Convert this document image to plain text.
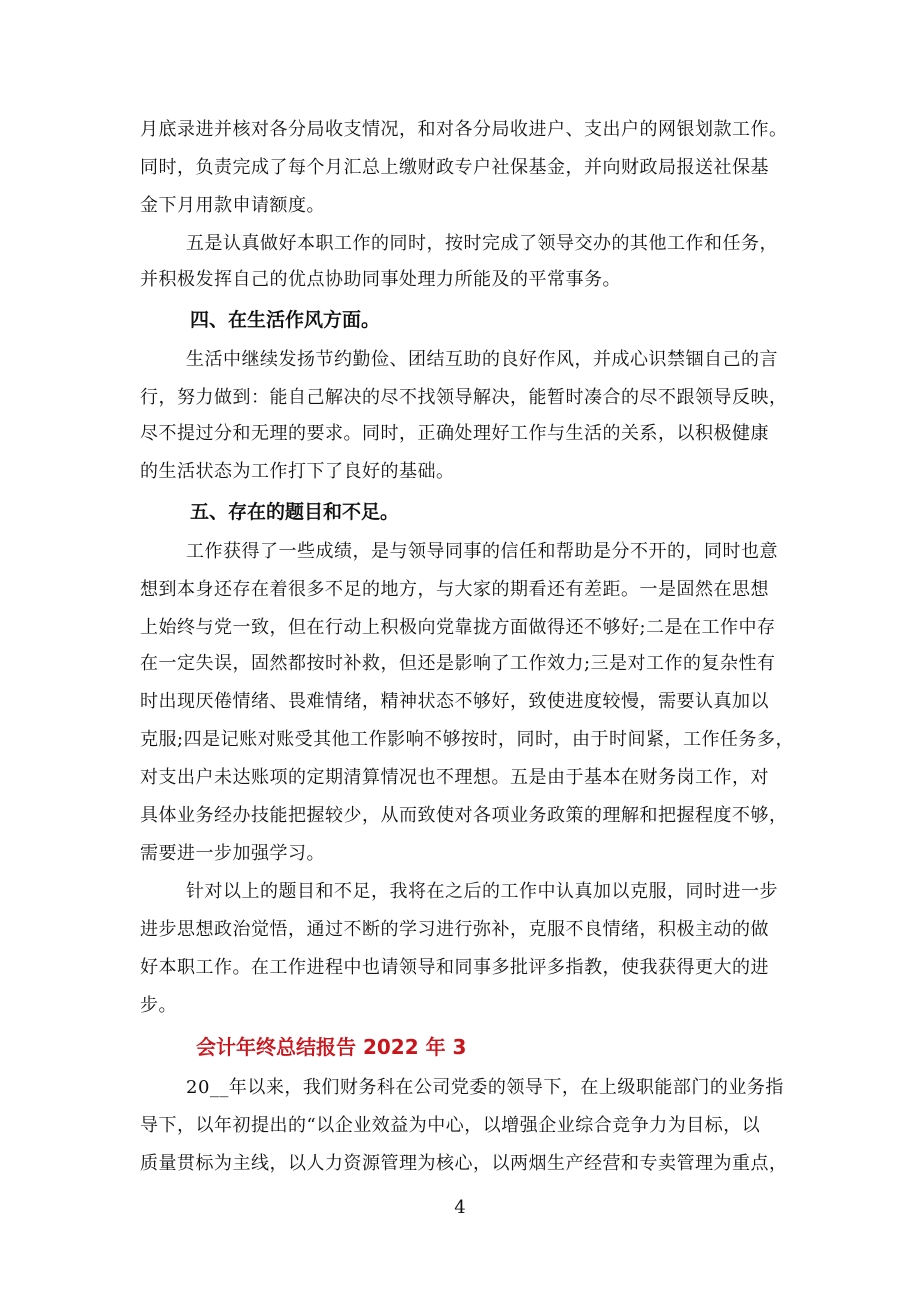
月底录进并核对各分局收支情况，和对各分局收进户、支出户的网银划款工作。
同时，负责完成了每个月汇总上缴财政专户社保基金，并向财政局报送社保基
金下月用款申请额度。
五是认真做好本职工作的同时，按时完成了领导交办的其他工作和任务，
并积极发挥自己的优点协助同事处理力所能及的平常事务。
四、在生活作风方面。
生活中继续发扬节约勤俭、团结互助的良好作风，并成心识禁锢自己的言
行，努力做到：能自己解决的尽不找领导解决，能暂时凑合的尽不跟领导反映，
尽不提过分和无理的要求。同时，正确处理好工作与生活的关系，以积极健康
的生活状态为工作打下了良好的基础。
五、存在的题目和不足。
工作获得了一些成绩，是与领导同事的信任和帮助是分不开的，同时也意
想到本身还存在着很多不足的地方，与大家的期看还有差距。一是固然在思想
上始终与党一致，但在行动上积极向党靠拢方面做得还不够好;二是在工作中存
在一定失误，固然都按时补救，但还是影响了工作效力;三是对工作的复杂性有
时出现厌倦情绪、畏难情绪，精神状态不够好，致使进度较慢，需要认真加以
克服;四是记账对账受其他工作影响不够按时，同时，由于时间紧，工作任务多，
对支出户未达账项的定期清算情况也不理想。五是由于基本在财务岗工作，对
具体业务经办技能把握较少，从而致使对各项业务政策的理解和把握程度不够，
需要进一步加强学习。
针对以上的题目和不足，我将在之后的工作中认真加以克服，同时进一步
进步思想政治觉悟，通过不断的学习进行弥补，克服不良情绪，积极主动的做
好本职工作。在工作进程中也请领导和同事多批评多指教，使我获得更大的进
步。
会计年终总结报告 2022 年 3
20__年以来，我们财务科在公司党委的领导下，在上级职能部门的业务指
导下，以年初提出的“以企业效益为中心，以增强企业综合竞争力为目标，以
质量贯标为主线，以人力资源管理为核心，以两烟生产经营和专卖管理为重点，
4
